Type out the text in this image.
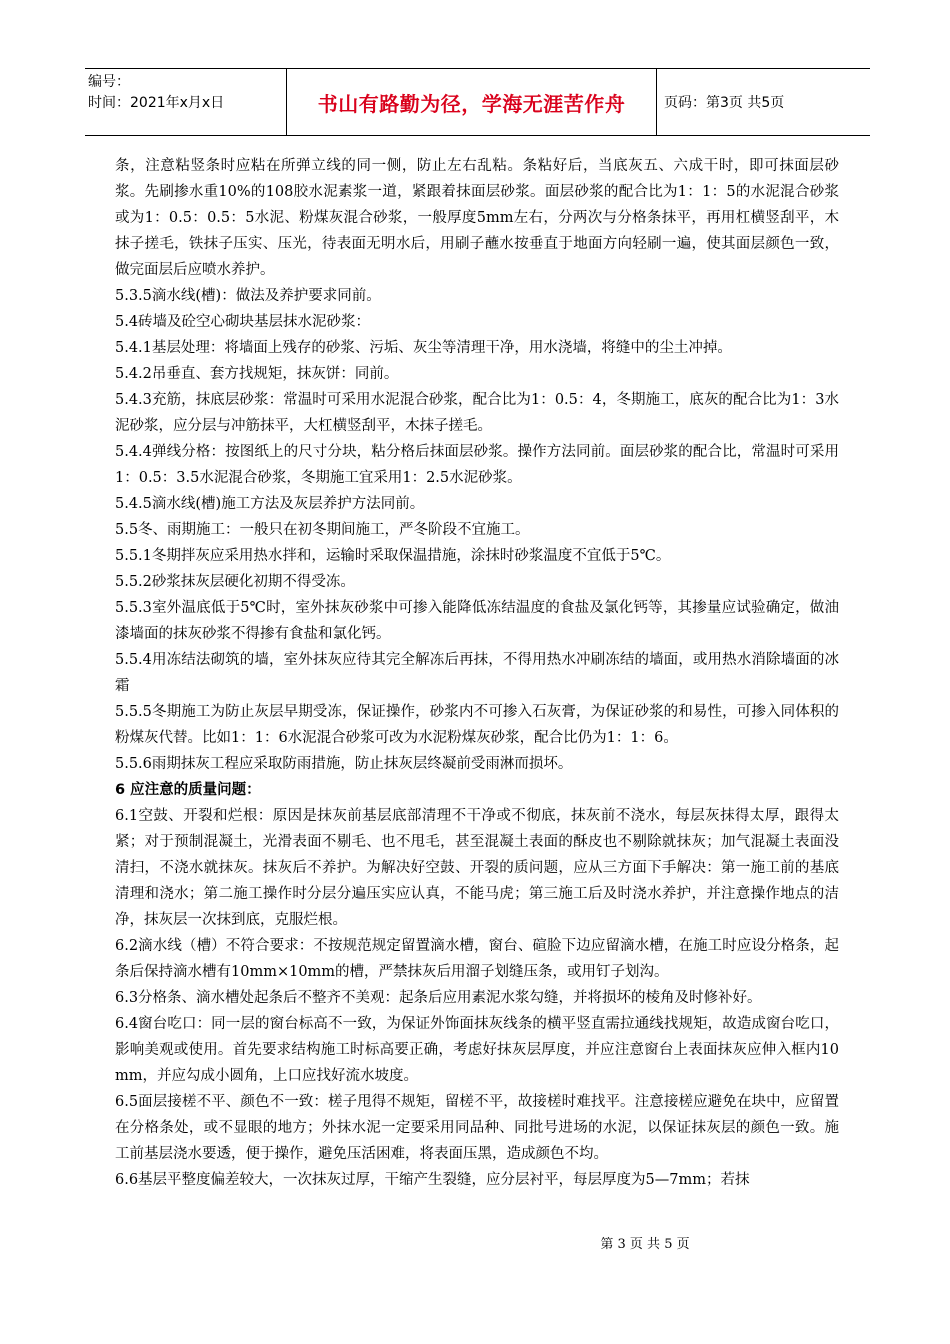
编号：
时间：2021年x月x日	书山有路勤为径，学海无涯苦作舟	页码：第3页 共5页

条，注意粘竖条时应粘在所弹立线的同一侧，防止左右乱粘。条粘好后，当底灰五、六成干时，即可抹面层砂浆。先刷掺水重10%的108胶水泥素浆一道，紧跟着抹面层砂浆。面层砂浆的配合比为1：1：5的水泥混合砂浆或为1：0.5：0.5：5水泥、粉煤灰混合砂浆，一般厚度5mm左右，分两次与分格条抹平，再用杠横竖刮平，木抹子搓毛，铁抹子压实、压光，待表面无明水后，用刷子蘸水按垂直于地面方向轻刷一遍，使其面层颜色一致，做完面层后应喷水养护。

5.3.5滴水线(槽)：做法及养护要求同前。

5.4砖墙及砼空心砌块基层抹水泥砂浆：

5.4.1基层处理：将墙面上残存的砂浆、污垢、灰尘等清理干净，用水浇墙，将缝中的尘土冲掉。

5.4.2吊垂直、套方找规矩，抹灰饼：同前。

5.4.3充筋，抹底层砂浆：常温时可采用水泥混合砂浆，配合比为1：0.5：4，冬期施工，底灰的配合比为1：3水泥砂浆，应分层与冲筋抹平，大杠横竖刮平，木抹子搓毛。

5.4.4弹线分格：按图纸上的尺寸分块，粘分格后抹面层砂浆。操作方法同前。面层砂浆的配合比，常温时可采用1：0.5：3.5水泥混合砂浆，冬期施工宜采用1：2.5水泥砂浆。

5.4.5滴水线(槽)施工方法及灰层养护方法同前。

5.5冬、雨期施工：一般只在初冬期间施工，严冬阶段不宜施工。

5.5.1冬期拌灰应采用热水拌和，运输时采取保温措施，涂抹时砂浆温度不宜低于5℃。

5.5.2砂浆抹灰层硬化初期不得受冻。

5.5.3室外温底低于5℃时，室外抹灰砂浆中可掺入能降低冻结温度的食盐及氯化钙等，其掺量应试验确定，做油漆墙面的抹灰砂浆不得掺有食盐和氯化钙。

5.5.4用冻结法砌筑的墙，室外抹灰应待其完全解冻后再抹，不得用热水冲刷冻结的墙面，或用热水消除墙面的冰霜

5.5.5冬期施工为防止灰层早期受冻，保证操作，砂浆内不可掺入石灰膏，为保证砂浆的和易性，可掺入同体积的粉煤灰代替。比如1：1：6水泥混合砂浆可改为水泥粉煤灰砂浆，配合比仍为1：1：6。

5.5.6雨期抹灰工程应采取防雨措施，防止抹灰层终凝前受雨淋而损坏。

6 应注意的质量问题：

6.1空鼓、开裂和烂根：原因是抹灰前基层底部清理不干净或不彻底，抹灰前不浇水，每层灰抹得太厚，跟得太紧；对于预制混凝土，光滑表面不剔毛、也不甩毛，甚至混凝土表面的酥皮也不剔除就抹灰；加气混凝土表面没清扫，不浇水就抹灰。抹灰后不养护。为解决好空鼓、开裂的质问题，应从三方面下手解决：第一施工前的基底清理和浇水；第二施工操作时分层分遍压实应认真，不能马虎；第三施工后及时浇水养护，并注意操作地点的洁净，抹灰层一次抹到底，克服烂根。

6.2滴水线（槽）不符合要求：不按规范规定留置滴水槽，窗台、碹脸下边应留滴水槽，在施工时应设分格条，起条后保持滴水槽有10mm×10mm的槽，严禁抹灰后用溜子划缝压条，或用钉子划沟。

6.3分格条、滴水槽处起条后不整齐不美观：起条后应用素泥水浆勾缝，并将损坏的棱角及时修补好。

6.4窗台吃口：同一层的窗台标高不一致，为保证外饰面抹灰线条的横平竖直需拉通线找规矩，故造成窗台吃口，影响美观或使用。首先要求结构施工时标高要正确，考虑好抹灰层厚度，并应注意窗台上表面抹灰应伸入框内10mm，并应勾成小圆角，上口应找好流水坡度。

6.5面层接槎不平、颜色不一致：槎子甩得不规矩，留槎不平，故接槎时难找平。注意接槎应避免在块中，应留置在分格条处，或不显眼的地方；外抹水泥一定要采用同品种、同批号进场的水泥，以保证抹灰层的颜色一致。施工前基层浇水要透，便于操作，避免压活困难，将表面压黑，造成颜色不均。

6.6基层平整度偏差较大，一次抹灰过厚，干缩产生裂缝，应分层衬平，每层厚度为5—7mm；若抹

第 3 页 共 5 页
